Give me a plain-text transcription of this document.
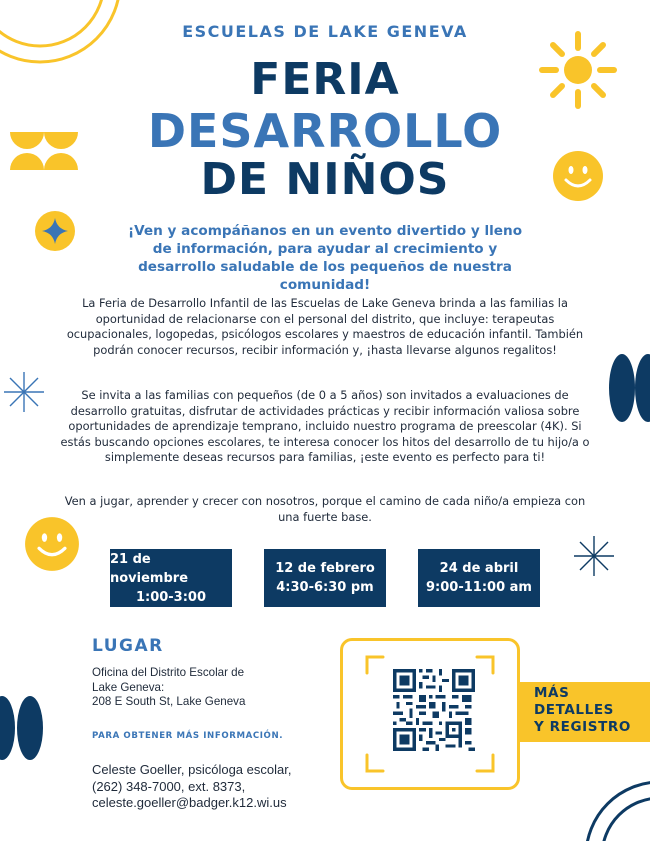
ESCUELAS DE LAKE GENEVA
FERIA
DESARROLLO
DE NIÑOS
¡Ven y acompáñanos en un evento divertido y lleno de información, para ayudar al crecimiento y desarrollo saludable de los pequeños de nuestra comunidad!
La Feria de Desarrollo Infantil de las Escuelas de Lake Geneva brinda a las familias la oportunidad de relacionarse con el personal del distrito, que incluye: terapeutas ocupacionales, logopedas, psicólogos escolares y maestros de educación infantil. También podrán conocer recursos, recibir información y, ¡hasta llevarse algunos regalitos!
Se invita a las familias con pequeños (de 0 a 5 años) son invitados a evaluaciones de desarrollo gratuitas, disfrutar de actividades prácticas y recibir información valiosa sobre oportunidades de aprendizaje temprano, incluido nuestro programa de preescolar (4K). Si estás buscando opciones escolares, te interesa conocer los hitos del desarrollo de tu hijo/a o simplemente deseas recursos para familias, ¡este evento es perfecto para ti!
Ven a jugar, aprender y crecer con nosotros, porque el camino de cada niño/a empieza con una fuerte base.
21 de noviembre
1:00-3:00
12 de febrero
4:30-6:30 pm
24 de abril
9:00-11:00 am
LUGAR
Oficina del Distrito Escolar de
Lake Geneva:
208 E South St, Lake Geneva
PARA OBTENER MÁS INFORMACIÓN.
Celeste Goeller, psicóloga escolar,
(262) 348-7000, ext. 8373,
celeste.goeller@badger.k12.wi.us
MÁS
DETALLES
Y REGISTRO
